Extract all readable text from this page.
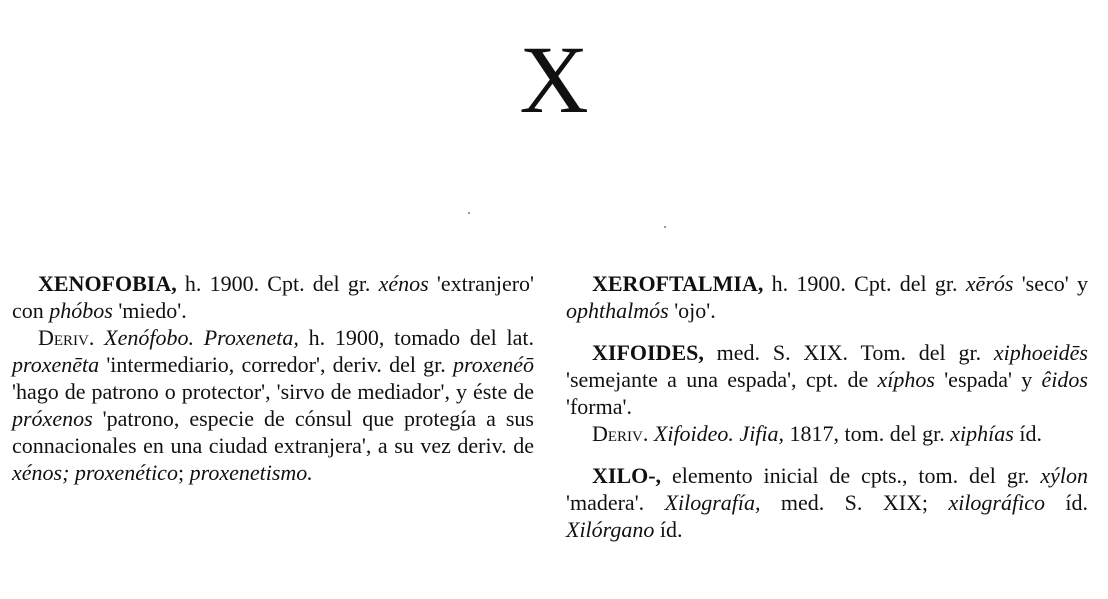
X

XENOFOBIA, h. 1900. Cpt. del gr. xénos 'extranjero' con phóbos 'miedo'.

Deriv. Xenófobo. Proxeneta, h. 1900, tomado del lat. proxenēta 'intermediario, corredor', deriv. del gr. proxenéō 'hago de patrono o protector', 'sirvo de mediador', y éste de próxenos 'patrono, especie de cónsul que protegía a sus connacionales en una ciudad extranjera', a su vez deriv. de xénos; proxenético; proxenetismo.

XEROFTALMIA, h. 1900. Cpt. del gr. xērós 'seco' y ophthalmós 'ojo'.

XIFOIDES, med. S. XIX. Tom. del gr. xiphoeidēs 'semejante a una espada', cpt. de xíphos 'espada' y êidos 'forma'.

Deriv. Xifoideo. Jifia, 1817, tom. del gr. xiphías íd.

XILO-, elemento inicial de cpts., tom. del gr. xýlon 'madera'. Xilografía, med. S. XIX; xilográfico íd. Xilórgano íd.
